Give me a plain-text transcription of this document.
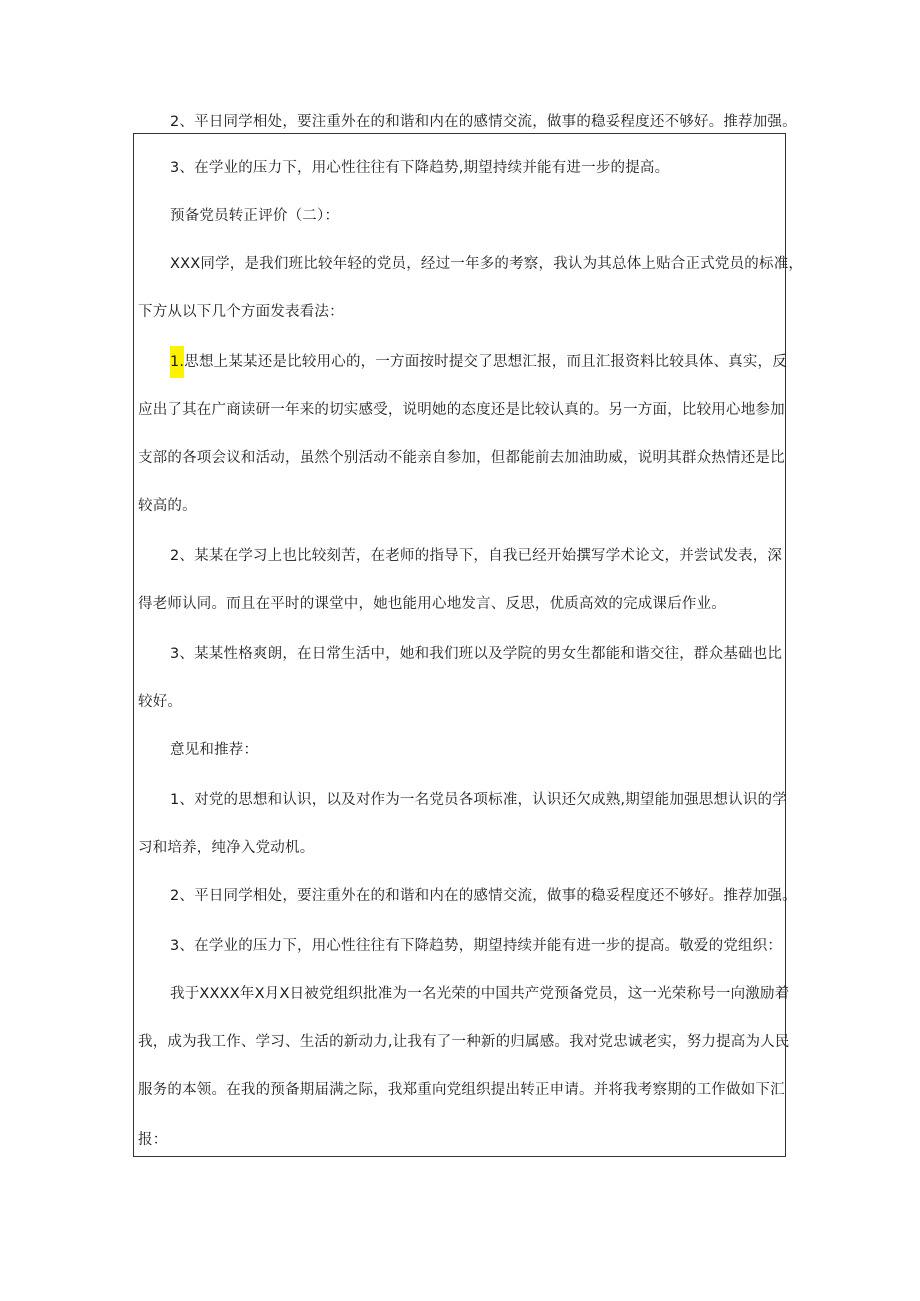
2、平日同学相处，要注重外在的和谐和内在的感情交流，做事的稳妥程度还不够好。推荐加强。
3、在学业的压力下，用心性往往有下降趋势,期望持续并能有进一步的提高。
预备党员转正评价（二）：
XXX同学，是我们班比较年轻的党员，经过一年多的考察，我认为其总体上贴合正式党员的标准，
下方从以下几个方面发表看法：
1.思想上某某还是比较用心的，一方面按时提交了思想汇报，而且汇报资料比较具体、真实，反
应出了其在广商读研一年来的切实感受，说明她的态度还是比较认真的。另一方面，比较用心地参加
支部的各项会议和活动，虽然个别活动不能亲自参加，但都能前去加油助威，说明其群众热情还是比
较高的。
2、某某在学习上也比较刻苦，在老师的指导下，自我已经开始撰写学术论文，并尝试发表，深
得老师认同。而且在平时的课堂中，她也能用心地发言、反思，优质高效的完成课后作业。
3、某某性格爽朗，在日常生活中，她和我们班以及学院的男女生都能和谐交往，群众基础也比
较好。
意见和推荐：
1、对党的思想和认识，以及对作为一名党员各项标准，认识还欠成熟,期望能加强思想认识的学
习和培养，纯净入党动机。
2、平日同学相处，要注重外在的和谐和内在的感情交流，做事的稳妥程度还不够好。推荐加强。
3、在学业的压力下，用心性往往有下降趋势，期望持续并能有进一步的提高。敬爱的党组织：
我于XXXX年X月X日被党组织批准为一名光荣的中国共产党预备党员，这一光荣称号一向激励着
我，成为我工作、学习、生活的新动力,让我有了一种新的归属感。我对党忠诚老实，努力提高为人民
服务的本领。在我的预备期届满之际，我郑重向党组织提出转正申请。并将我考察期的工作做如下汇
报：
